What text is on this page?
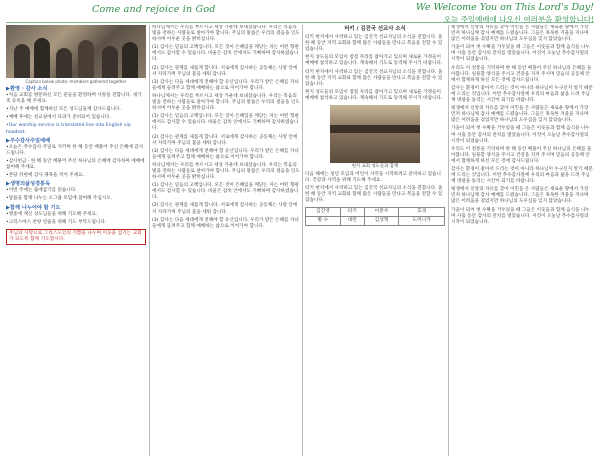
Come and rejoice in God	We Welcome You on This Lord's Day!
오늘 주일예배에 나오신 여러분을 환영합니다!
Caption below photo: members gathered together
▶환영 · 감사 소식
•처음 교회를 방문하신 모든 분들을 환영하며 사랑을 전합니다. 새가족 등록을 해 주세요.
•지난 주 예배에 함께하신 모든 성도님들께 감사드립니다.
•예배 후에는 친교실에서 다과가 준비되어 있습니다.
•Our worship service is translated live into English via headset.
▶주수감사주일예배
•오늘은 추수감사 주일로 지키며 한 해 동안 베풀어 주신 은혜에 감사드립니다.
•감사헌금 · 한 해 동안 베풀어 주신 하나님의 은혜에 감사하며 예배에 참여해 주세요.
•본당 뒤편에 감사 제목을 적어 주세요.
▶생명의삶성경통독
•이번 주에는 출애굽기를 읽습니다.
•말씀을 함께 나누는 소그룹 모임에 참여해 주십시오.
▶함께 나누어야 할 기도
•병중에 계신 성도님들을 위해 기도해 주세요.
•크리스마스 찬양 연습을 위해 기도 부탁드립니다.
주님의 사랑으로 그리스도인의 기쁨을 나누며 이웃을 섬기는 교회가 되도록 함께 기도합시다.
하나님께서는 우리를 부르시고 세상 가운데 보내셨습니다. 우리는 복음의 빛을 전하는 사람들로 살아가야 합니다. 주님의 말씀은 우리의 걸음을 인도하시며 어두운 곳을 밝히십니다.
(1) 감사는 믿음의 고백입니다. 모든 것이 은혜임을 깨닫는 자는 어떤 형편에서도 감사할 수 있습니다. 바울은 감옥 안에서도 기뻐하며 감사하였습니다.
(2) 감사는 관계를 새롭게 합니다. 서로에게 감사하는 공동체는 사랑 안에서 자라가며 주님의 몸을 세워 갑니다.
(3) 감사는 다음 세대에게 전해야 할 유산입니다. 우리가 받은 은혜를 자녀들에게 들려주고 함께 예배하는 삶으로 이어가야 합니다.
하나님께서는 우리를 부르시고 세상 가운데 보내셨습니다. 우리는 복음의 빛을 전하는 사람들로 살아가야 합니다. 주님의 말씀은 우리의 걸음을 인도하시며 어두운 곳을 밝히십니다.
(1) 감사는 믿음의 고백입니다. 모든 것이 은혜임을 깨닫는 자는 어떤 형편에서도 감사할 수 있습니다. 바울은 감옥 안에서도 기뻐하며 감사하였습니다.
(2) 감사는 관계를 새롭게 합니다. 서로에게 감사하는 공동체는 사랑 안에서 자라가며 주님의 몸을 세워 갑니다.
(3) 감사는 다음 세대에게 전해야 할 유산입니다. 우리가 받은 은혜를 자녀들에게 들려주고 함께 예배하는 삶으로 이어가야 합니다.
하나님께서는 우리를 부르시고 세상 가운데 보내셨습니다. 우리는 복음의 빛을 전하는 사람들로 살아가야 합니다. 주님의 말씀은 우리의 걸음을 인도하시며 어두운 곳을 밝히십니다.
(1) 감사는 믿음의 고백입니다. 모든 것이 은혜임을 깨닫는 자는 어떤 형편에서도 감사할 수 있습니다. 바울은 감옥 안에서도 기뻐하며 감사하였습니다.
(2) 감사는 관계를 새롭게 합니다. 서로에게 감사하는 공동체는 사랑 안에서 자라가며 주님의 몸을 세워 갑니다.
(3) 감사는 다음 세대에게 전해야 할 유산입니다. 우리가 받은 은혜를 자녀들에게 들려주고 함께 예배하는 삶으로 이어가야 합니다.
터키 / 김진국 선교사 소식
터키 현지에서 사역하고 있는 김진국 선교사님의 소식을 전합니다. 올 한 해 동안 지역 교회와 함께 많은 사람들을 만나고 복음을 전할 수 있었습니다.
현지 성도들의 모임이 점점 자리를 잡아가고 있으며 새로운 가정들이 예배에 참석하고 있습니다. 계속해서 기도로 동역해 주시기 바랍니다.
터키 현지에서 사역하고 있는 김진국 선교사님의 소식을 전합니다. 올 한 해 동안 지역 교회와 함께 많은 사람들을 만나고 복음을 전할 수 있었습니다.
현지 성도들의 모임이 점점 자리를 잡아가고 있으며 새로운 가정들이 예배에 참석하고 있습니다. 계속해서 기도로 동역해 주시기 바랍니다.
현지 교회 성도들과 함께
다음 해에는 청년 모임과 어린이 사역을 시작하려고 준비하고 있습니다. 건강과 사역을 위해 기도해 주세요.
터키 현지에서 사역하고 있는 김진국 선교사님의 소식을 전합니다. 올 한 해 동안 지역 교회와 함께 많은 사람들을 만나고 복음을 전할 수 있었습니다.
김진영	터키	이분우	호경
황 수	대만	김성혁	도미니카
평생에서 신앙의 자유를 찾아 이민을 온 사람들은 새로운 땅에서 가장 먼저 하나님께 감사 예배를 드렸습니다. 그들은 혹독한 겨울을 지나며 많은 어려움을 겪었지만 하나님의 도우심을 잊지 않았습니다.
가을이 되어 첫 수확을 거두었을 때 그들은 이웃들과 함께 음식을 나누며 사흘 동안 감사의 잔치를 열었습니다. 이것이 오늘날 추수감사절의 시작이 되었습니다.
우리도 이 전통을 기억하며 한 해 동안 베풀어 주신 하나님의 은혜를 돌아봅니다. 일용할 양식을 주시고 건강을 지켜 주시며 믿음의 공동체 안에서 함께하게 하신 모든 것에 감사드립니다.
감사는 환경이 좋아서 드리는 것이 아니라 하나님이 누구신지 알기 때문에 드리는 것입니다. 이번 추수감사절에 우리의 마음과 삶을 드려 주님께 영광을 돌리는 시간이 되기를 바랍니다.
평생에서 신앙의 자유를 찾아 이민을 온 사람들은 새로운 땅에서 가장 먼저 하나님께 감사 예배를 드렸습니다. 그들은 혹독한 겨울을 지나며 많은 어려움을 겪었지만 하나님의 도우심을 잊지 않았습니다.
가을이 되어 첫 수확을 거두었을 때 그들은 이웃들과 함께 음식을 나누며 사흘 동안 감사의 잔치를 열었습니다. 이것이 오늘날 추수감사절의 시작이 되었습니다.
우리도 이 전통을 기억하며 한 해 동안 베풀어 주신 하나님의 은혜를 돌아봅니다. 일용할 양식을 주시고 건강을 지켜 주시며 믿음의 공동체 안에서 함께하게 하신 모든 것에 감사드립니다.
감사는 환경이 좋아서 드리는 것이 아니라 하나님이 누구신지 알기 때문에 드리는 것입니다. 이번 추수감사절에 우리의 마음과 삶을 드려 주님께 영광을 돌리는 시간이 되기를 바랍니다.
평생에서 신앙의 자유를 찾아 이민을 온 사람들은 새로운 땅에서 가장 먼저 하나님께 감사 예배를 드렸습니다. 그들은 혹독한 겨울을 지나며 많은 어려움을 겪었지만 하나님의 도우심을 잊지 않았습니다.
가을이 되어 첫 수확을 거두었을 때 그들은 이웃들과 함께 음식을 나누며 사흘 동안 감사의 잔치를 열었습니다. 이것이 오늘날 추수감사절의 시작이 되었습니다.
